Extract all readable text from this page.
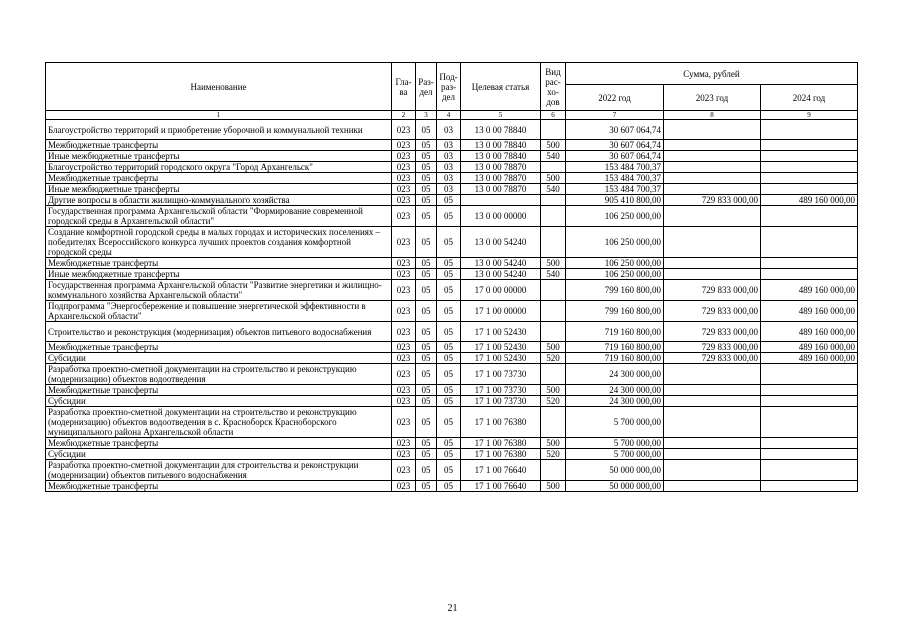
Наименование	Гла-ва	Раз-дел	Под-раз-дел	Целевая статья	Вид рас-хо-дов	Сумма, рублей		
						2022 год	2023 год	2024 год
1	2	3	4	5	6	7	8	9
Благоустройство территорий и приобретение уборочной и коммунальной техники	023	05	03	13 0 00 78840		30 607 064,74		
Межбюджетные трансферты	023	05	03	13 0 00 78840	500	30 607 064,74		
Иные межбюджетные трансферты	023	05	03	13 0 00 78840	540	30 607 064,74		
Благоустройство территорий городского округа "Город Архангельск"	023	05	03	13 0 00 78870		153 484 700,37		
Межбюджетные трансферты	023	05	03	13 0 00 78870	500	153 484 700,37		
Иные межбюджетные трансферты	023	05	03	13 0 00 78870	540	153 484 700,37		
Другие вопросы в области жилищно-коммунального хозяйства	023	05	05			905 410 800,00	729 833 000,00	489 160 000,00
Государственная программа Архангельской области "Формирование современной городской среды в Архангельской области"	023	05	05	13 0 00 00000		106 250 000,00		
Создание комфортной городской среды в малых городах и исторических поселениях – победителях Всероссийского конкурса лучших проектов создания комфортной городской среды	023	05	05	13 0 00 54240		106 250 000,00		
Межбюджетные трансферты	023	05	05	13 0 00 54240	500	106 250 000,00		
Иные межбюджетные трансферты	023	05	05	13 0 00 54240	540	106 250 000,00		
Государственная программа Архангельской области "Развитие энергетики и жилищно-коммунального хозяйства Архангельской области"	023	05	05	17 0 00 00000		799 160 800,00	729 833 000,00	489 160 000,00
Подпрограмма "Энергосбережение и повышение энергетической эффективности в Архангельской области"	023	05	05	17 1 00 00000		799 160 800,00	729 833 000,00	489 160 000,00
Строительство и реконструкция (модернизация) объектов питьевого водоснабжения	023	05	05	17 1 00 52430		719 160 800,00	729 833 000,00	489 160 000,00
Межбюджетные трансферты	023	05	05	17 1 00 52430	500	719 160 800,00	729 833 000,00	489 160 000,00
Субсидии	023	05	05	17 1 00 52430	520	719 160 800,00	729 833 000,00	489 160 000,00
Разработка проектно-сметной документации на строительство и реконструкцию (модернизацию) объектов водоотведения	023	05	05	17 1 00 73730		24 300 000,00		
Межбюджетные трансферты	023	05	05	17 1 00 73730	500	24 300 000,00		
Субсидии	023	05	05	17 1 00 73730	520	24 300 000,00		
Разработка проектно-сметной документации на строительство и реконструкцию (модернизацию) объектов водоотведения в с. Красноборск Красноборского муниципального района Архангельской области	023	05	05	17 1 00 76380		5 700 000,00		
Межбюджетные трансферты	023	05	05	17 1 00 76380	500	5 700 000,00		
Субсидии	023	05	05	17 1 00 76380	520	5 700 000,00		
Разработка проектно-сметной документации для строительства и реконструкции (модернизации) объектов питьевого водоснабжения	023	05	05	17 1 00 76640		50 000 000,00		
Межбюджетные трансферты	023	05	05	17 1 00 76640	500	50 000 000,00		
21
